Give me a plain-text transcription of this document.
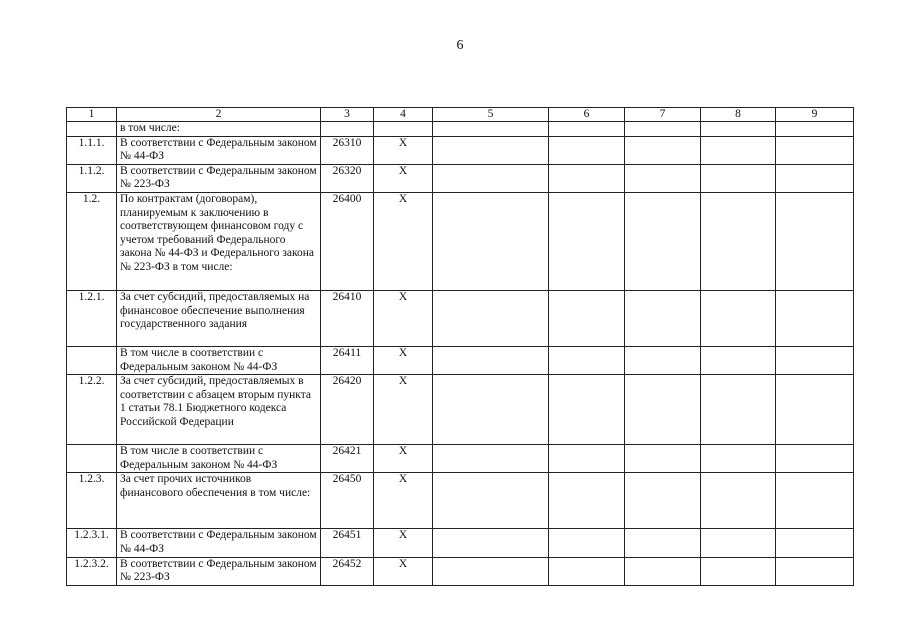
6
1	2	3	4	5	6	7	8	9
	в том числе:							
1.1.1.	В соответствии с Федеральным законом № 44-ФЗ	26310	X					
1.1.2.	В соответствии с Федеральным законом № 223-ФЗ	26320	X					
1.2.	По контрактам (договорам), планируемым к заключению в соответствующем финансовом году с учетом требований Федерального закона № 44-ФЗ и Федерального закона № 223-ФЗ в том числе:	26400	X					
1.2.1.	За счет субсидий, предоставляемых на финансовое обеспечение выполнения государственного задания	26410	X					
	В том числе в соответствии с Федеральным законом № 44-ФЗ	26411	X					
1.2.2.	За счет субсидий, предоставляемых в соответствии с абзацем вторым пункта 1 статьи 78.1 Бюджетного кодекса Российской Федерации	26420	X					
	В том числе в соответствии с Федеральным законом № 44-ФЗ	26421	X					
1.2.3.	За счет прочих источников финансового обеспечения в том числе:	26450	X					
1.2.3.1.	В соответствии с Федеральным законом № 44-ФЗ	26451	X					
1.2.3.2.	В соответствии с Федеральным законом № 223-ФЗ	26452	X					
